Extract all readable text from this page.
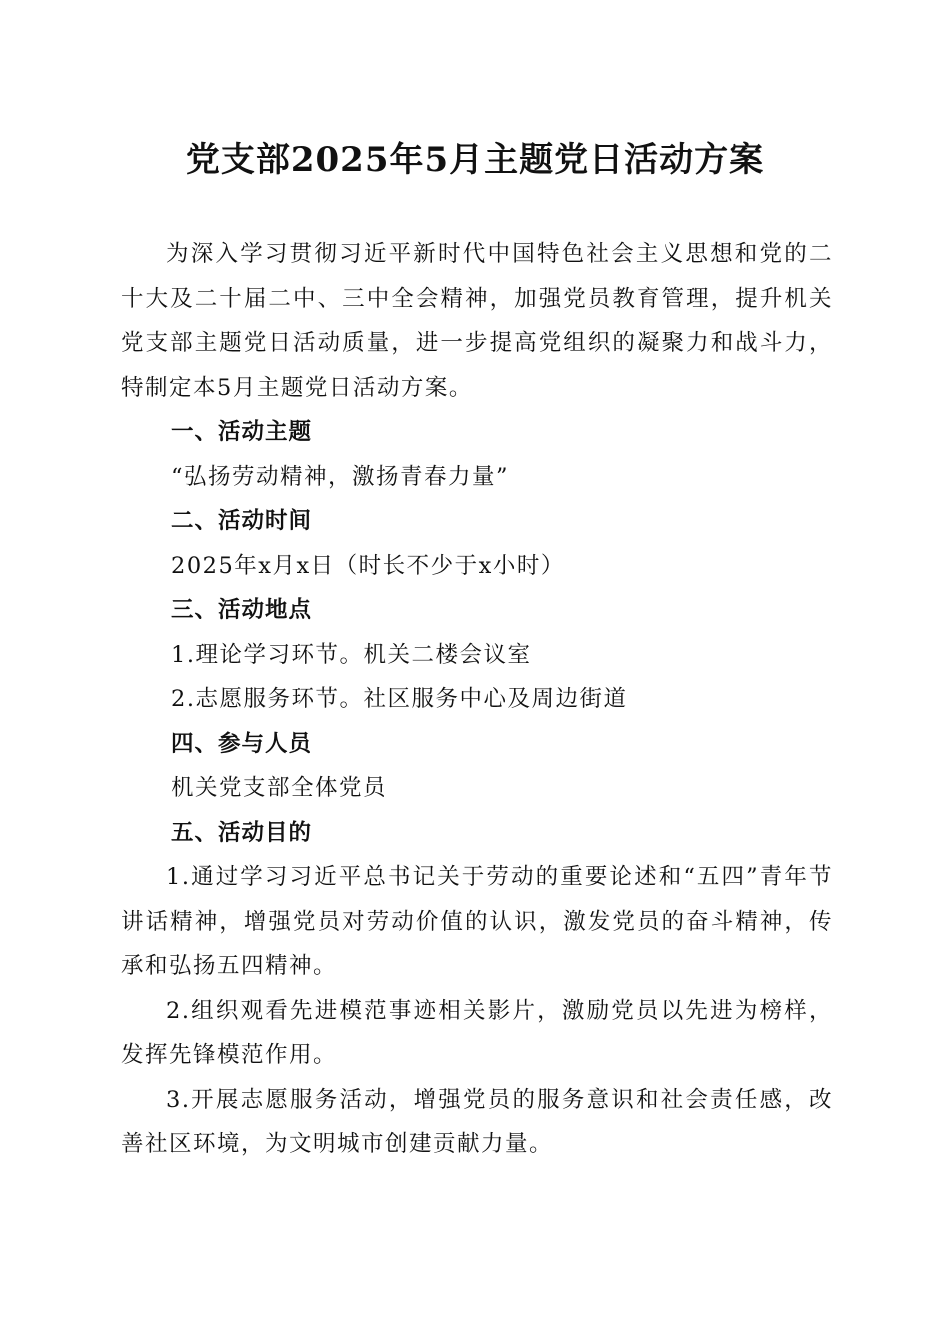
党支部2025年5月主题党日活动方案

为深入学习贯彻习近平新时代中国特色社会主义思想和党的二十大及二十届二中、三中全会精神，加强党员教育管理，提升机关党支部主题党日活动质量，进一步提高党组织的凝聚力和战斗力，特制定本5月主题党日活动方案。

一、活动主题
“弘扬劳动精神，激扬青春力量”
二、活动时间
2025年x月x日（时长不少于x小时）
三、活动地点
1.理论学习环节。机关二楼会议室
2.志愿服务环节。社区服务中心及周边街道
四、参与人员
机关党支部全体党员
五、活动目的

1.通过学习习近平总书记关于劳动的重要论述和“五四”青年节讲话精神，增强党员对劳动价值的认识，激发党员的奋斗精神，传承和弘扬五四精神。

2.组织观看先进模范事迹相关影片，激励党员以先进为榜样，发挥先锋模范作用。

3.开展志愿服务活动，增强党员的服务意识和社会责任感，改善社区环境，为文明城市创建贡献力量。
